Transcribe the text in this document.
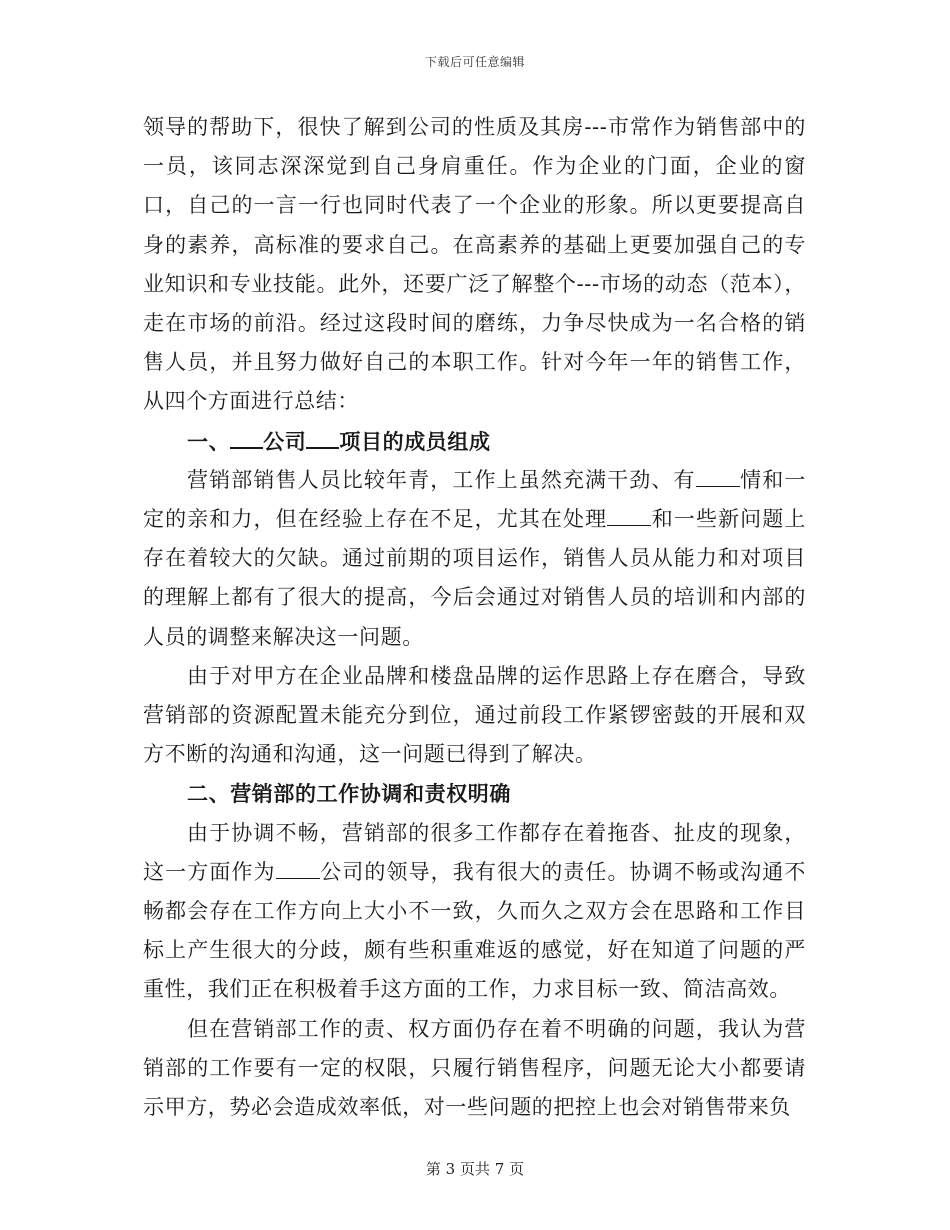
下载后可任意编辑

领导的帮助下，很快了解到公司的性质及其房---市常作为销售部中的一员，该同志深深觉到自己身肩重任。作为企业的门面，企业的窗口，自己的一言一行也同时代表了一个企业的形象。所以更要提高自身的素养，高标准的要求自己。在高素养的基础上更要加强自己的专业知识和专业技能。此外，还要广泛了解整个---市场的动态（范本），走在市场的前沿。经过这段时间的磨练，力争尽快成为一名合格的销售人员，并且努力做好自己的本职工作。针对今年一年的销售工作，从四个方面进行总结：

一、 公司 项目的成员组成

营销部销售人员比较年青，工作上虽然充满干劲、有 情和一定的亲和力，但在经验上存在不足，尤其在处理 和一些新问题上存在着较大的欠缺。通过前期的项目运作，销售人员从能力和对项目的理解上都有了很大的提高，今后会通过对销售人员的培训和内部的人员的调整来解决这一问题。

由于对甲方在企业品牌和楼盘品牌的运作思路上存在磨合，导致营销部的资源配置未能充分到位，通过前段工作紧锣密鼓的开展和双方不断的沟通和沟通，这一问题已得到了解决。

二、营销部的工作协调和责权明确

由于协调不畅，营销部的很多工作都存在着拖沓、扯皮的现象，这一方面作为 公司的领导，我有很大的责任。协调不畅或沟通不畅都会存在工作方向上大小不一致，久而久之双方会在思路和工作目标上产生很大的分歧，颇有些积重难返的感觉，好在知道了问题的严重性，我们正在积极着手这方面的工作，力求目标一致、简洁高效。

但在营销部工作的责、权方面仍存在着不明确的问题，我认为营销部的工作要有一定的权限，只履行销售程序，问题无论大小都要请示甲方，势必会造成效率低，对一些问题的把控上也会对销售带来负

第 3 页共 7 页
